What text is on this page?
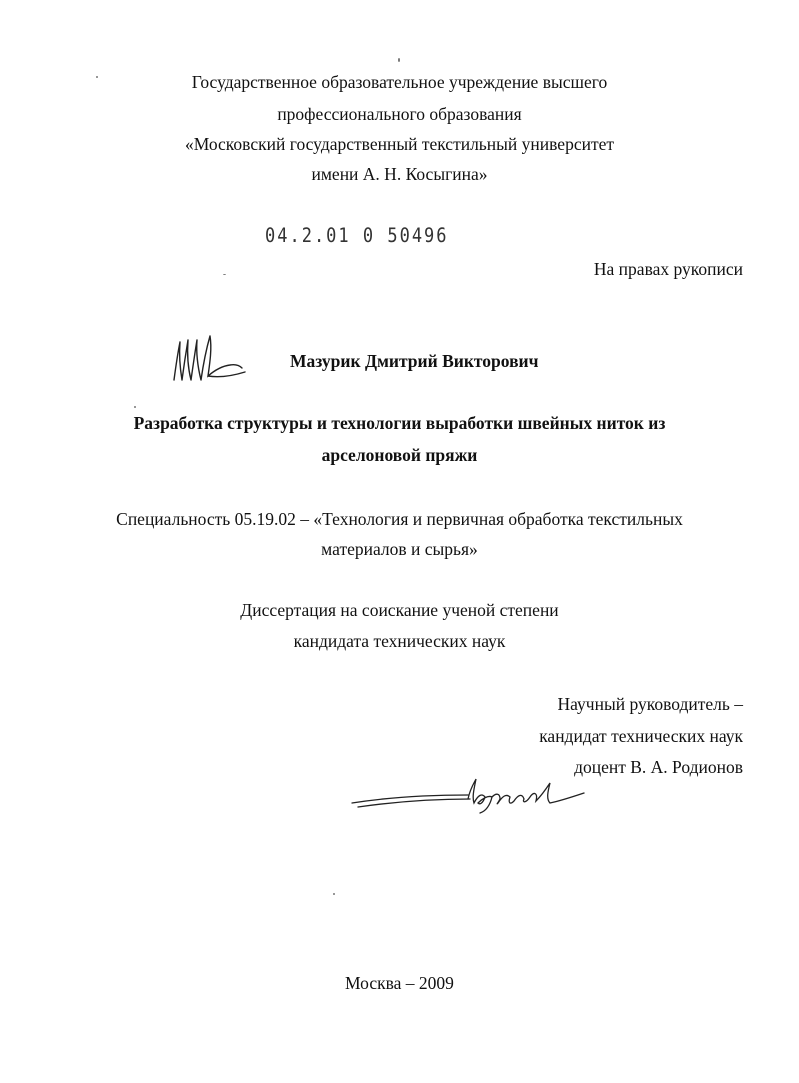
Государственное образовательное учреждение высшего
профессионального образования
«Московский государственный текстильный университет
имени А. Н. Косыгина»
04.2.01 0 50496
На правах рукописи
Мазурик Дмитрий Викторович
Разработка структуры и технологии выработки швейных ниток из
арселоновой пряжи
Специальность 05.19.02 – «Технология и первичная обработка текстильных
материалов и сырья»
Диссертация на соискание ученой степени
кандидата технических наук
Научный руководитель –
кандидат технических наук
доцент В. А. Родионов
Москва – 2009
